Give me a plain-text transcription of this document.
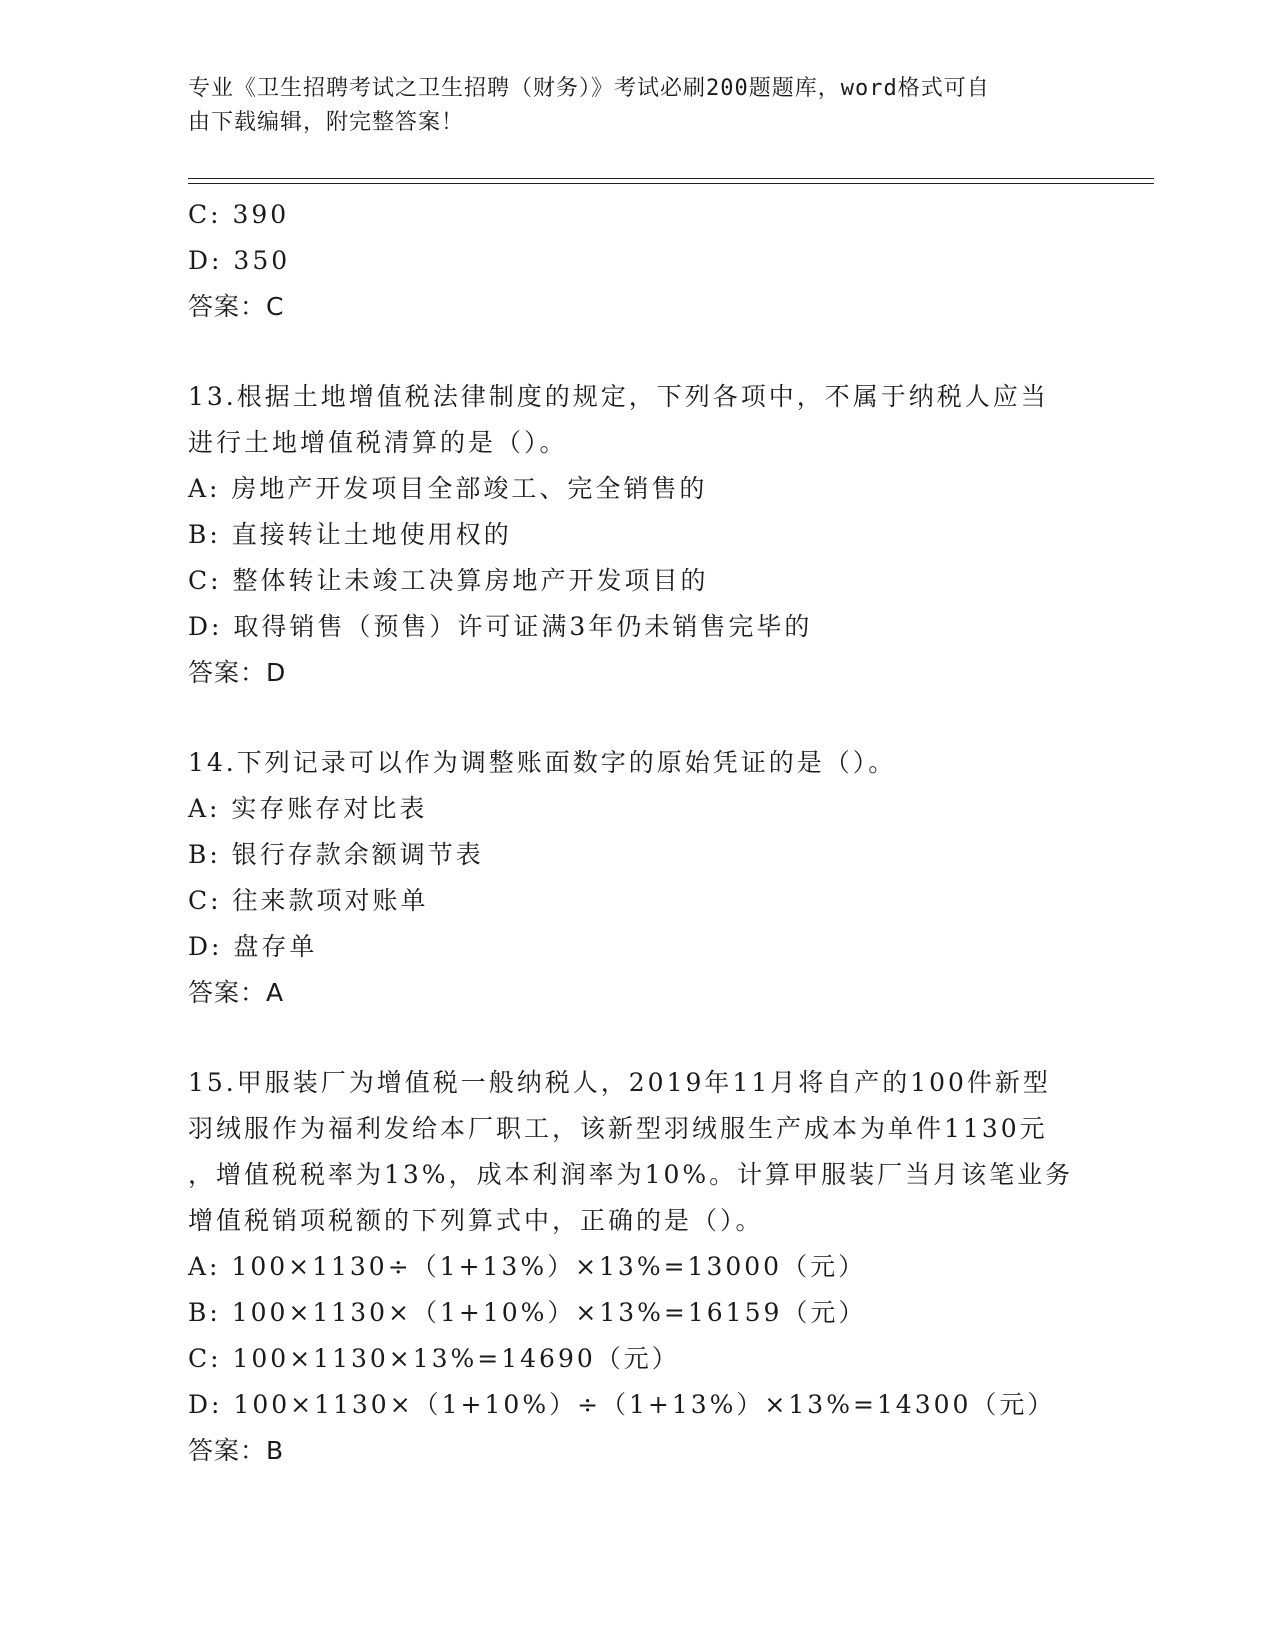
专业《卫生招聘考试之卫生招聘（财务）》考试必刷200题题库，word格式可自
由下载编辑，附完整答案！
C: 390
D: 350
答案：C
13.根据土地增值税法律制度的规定，下列各项中，不属于纳税人应当
进行土地增值税清算的是（）。
A: 房地产开发项目全部竣工、完全销售的
B: 直接转让土地使用权的
C: 整体转让未竣工决算房地产开发项目的
D: 取得销售（预售）许可证满3年仍未销售完毕的
答案：D
14.下列记录可以作为调整账面数字的原始凭证的是（）。
A: 实存账存对比表
B: 银行存款余额调节表
C: 往来款项对账单
D: 盘存单
答案：A
15.甲服装厂为增值税一般纳税人，2019年11月将自产的100件新型
羽绒服作为福利发给本厂职工，该新型羽绒服生产成本为单件1130元
，增值税税率为13%，成本利润率为10%。计算甲服装厂当月该笔业务
增值税销项税额的下列算式中，正确的是（）。
A: 100×1130÷（1+13%）×13%=13000（元）
B: 100×1130×（1+10%）×13%=16159（元）
C: 100×1130×13%=14690（元）
D: 100×1130×（1+10%）÷（1+13%）×13%=14300（元）
答案：B
